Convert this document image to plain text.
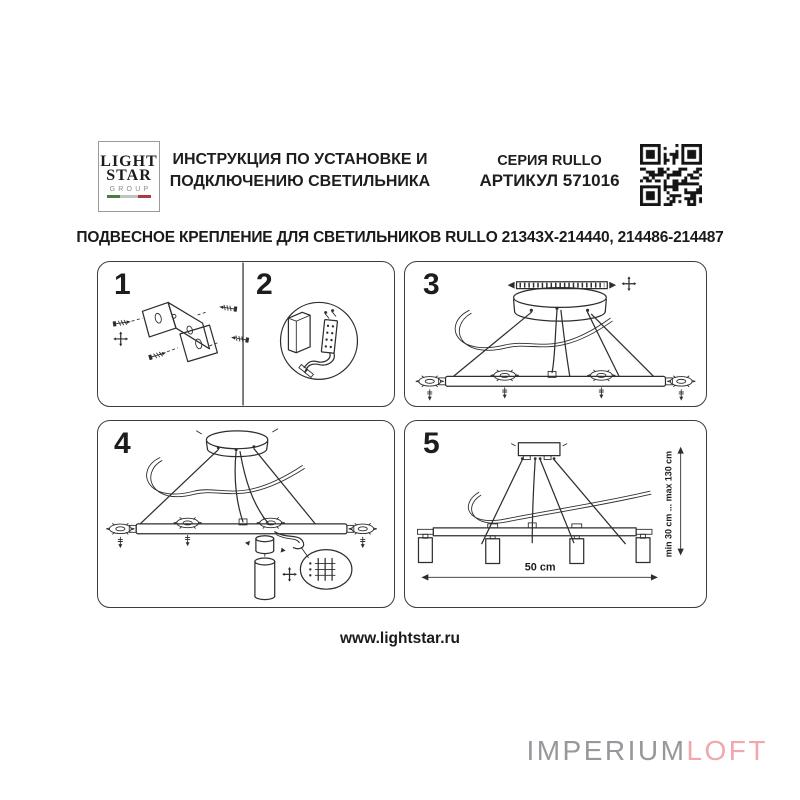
LIGHT
STAR
GROUP
ИНСТРУКЦИЯ ПО УСТАНОВКЕ И
ПОДКЛЮЧЕНИЮ СВЕТИЛЬНИКА
СЕРИЯ RULLO
АРТИКУЛ 571016
ПОДВЕСНОЕ КРЕПЛЕНИЕ ДЛЯ СВЕТИЛЬНИКОВ RULLO 21343X-214440, 214486-214487
1	2	3
4
min 30 cm ... max 130 cm
50 cm
5
www.lightstar.ru
IMPERIUMLOFT
